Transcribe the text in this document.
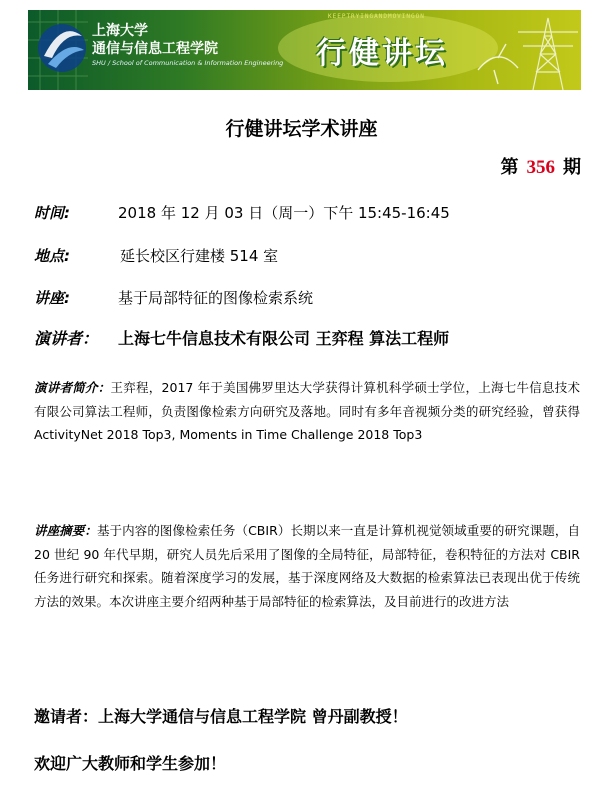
上海大学
通信与信息工程学院
SHU / School of Communication & Information Engineering
KEEPTRYINGANDMOVINGON
行健讲坛
行健讲坛学术讲座
第 356 期
时间:	2018 年 12 月 03 日（周一）下午 15:45-16:45
地点:	延长校区行建楼 514 室
讲座:	基于局部特征的图像检索系统
演讲者： 上海七牛信息技术有限公司 王弈程 算法工程师

演讲者简介：王弈程，2017 年于美国佛罗里达大学获得计算机科学硕士学位，上海七牛信息技术有限公司算法工程师，负责图像检索方向研究及落地。同时有多年音视频分类的研究经验，曾获得 ActivityNet 2018 Top3, Moments in Time Challenge 2018 Top3

讲座摘要：基于内容的图像检索任务（CBIR）长期以来一直是计算机视觉领域重要的研究课题，自 20 世纪 90 年代早期，研究人员先后采用了图像的全局特征，局部特征，卷积特征的方法对 CBIR 任务进行研究和探索。随着深度学习的发展，基于深度网络及大数据的检索算法已表现出优于传统方法的效果。本次讲座主要介绍两种基于局部特征的检索算法，及目前进行的改进方法

邀请者：上海大学通信与信息工程学院 曾丹副教授！
欢迎广大教师和学生参加！
